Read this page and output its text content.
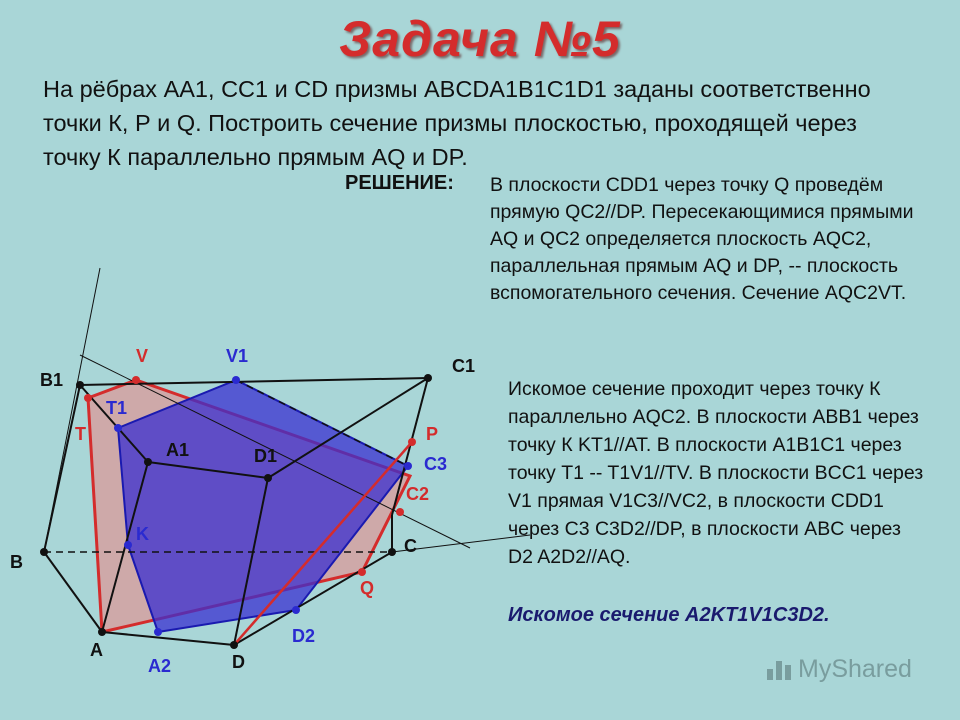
Задача №5
На рёбрах AA1, CC1 и CD призмы ABCDA1B1C1D1 заданы соответственно точки К, Р и Q. Построить сечение призмы плоскостью, проходящей через точку К параллельно прямым AQ и DP.
РЕШЕНИЕ: В плоскости CDD1 через точку Q проведём прямую QC2//DP. Пересекающимися прямыми AQ и QC2 определяется плоскость AQC2, параллельная прямым AQ и DP, -- плоскость вспомогательного сечения. Сечение AQC2VT.
Искомое сечение проходит через точку К параллельно AQC2. В плоскости ABB1 через точку К KT1//AT. В плоскости A1B1C1 через точку T1 -- T1V1//TV. В плоскости BCC1 через V1 прямая V1C3//VC2, в плоскости CDD1 через C3 C3D2//DP, в плоскости ABC через D2 A2D2//AQ.
Искомое сечение A2KT1V1C3D2.
B1
C1
A1	D1
B
C
A
D
V	V1
T
T1
K
P
C3
C2
Q
D2
A2	MyShared
